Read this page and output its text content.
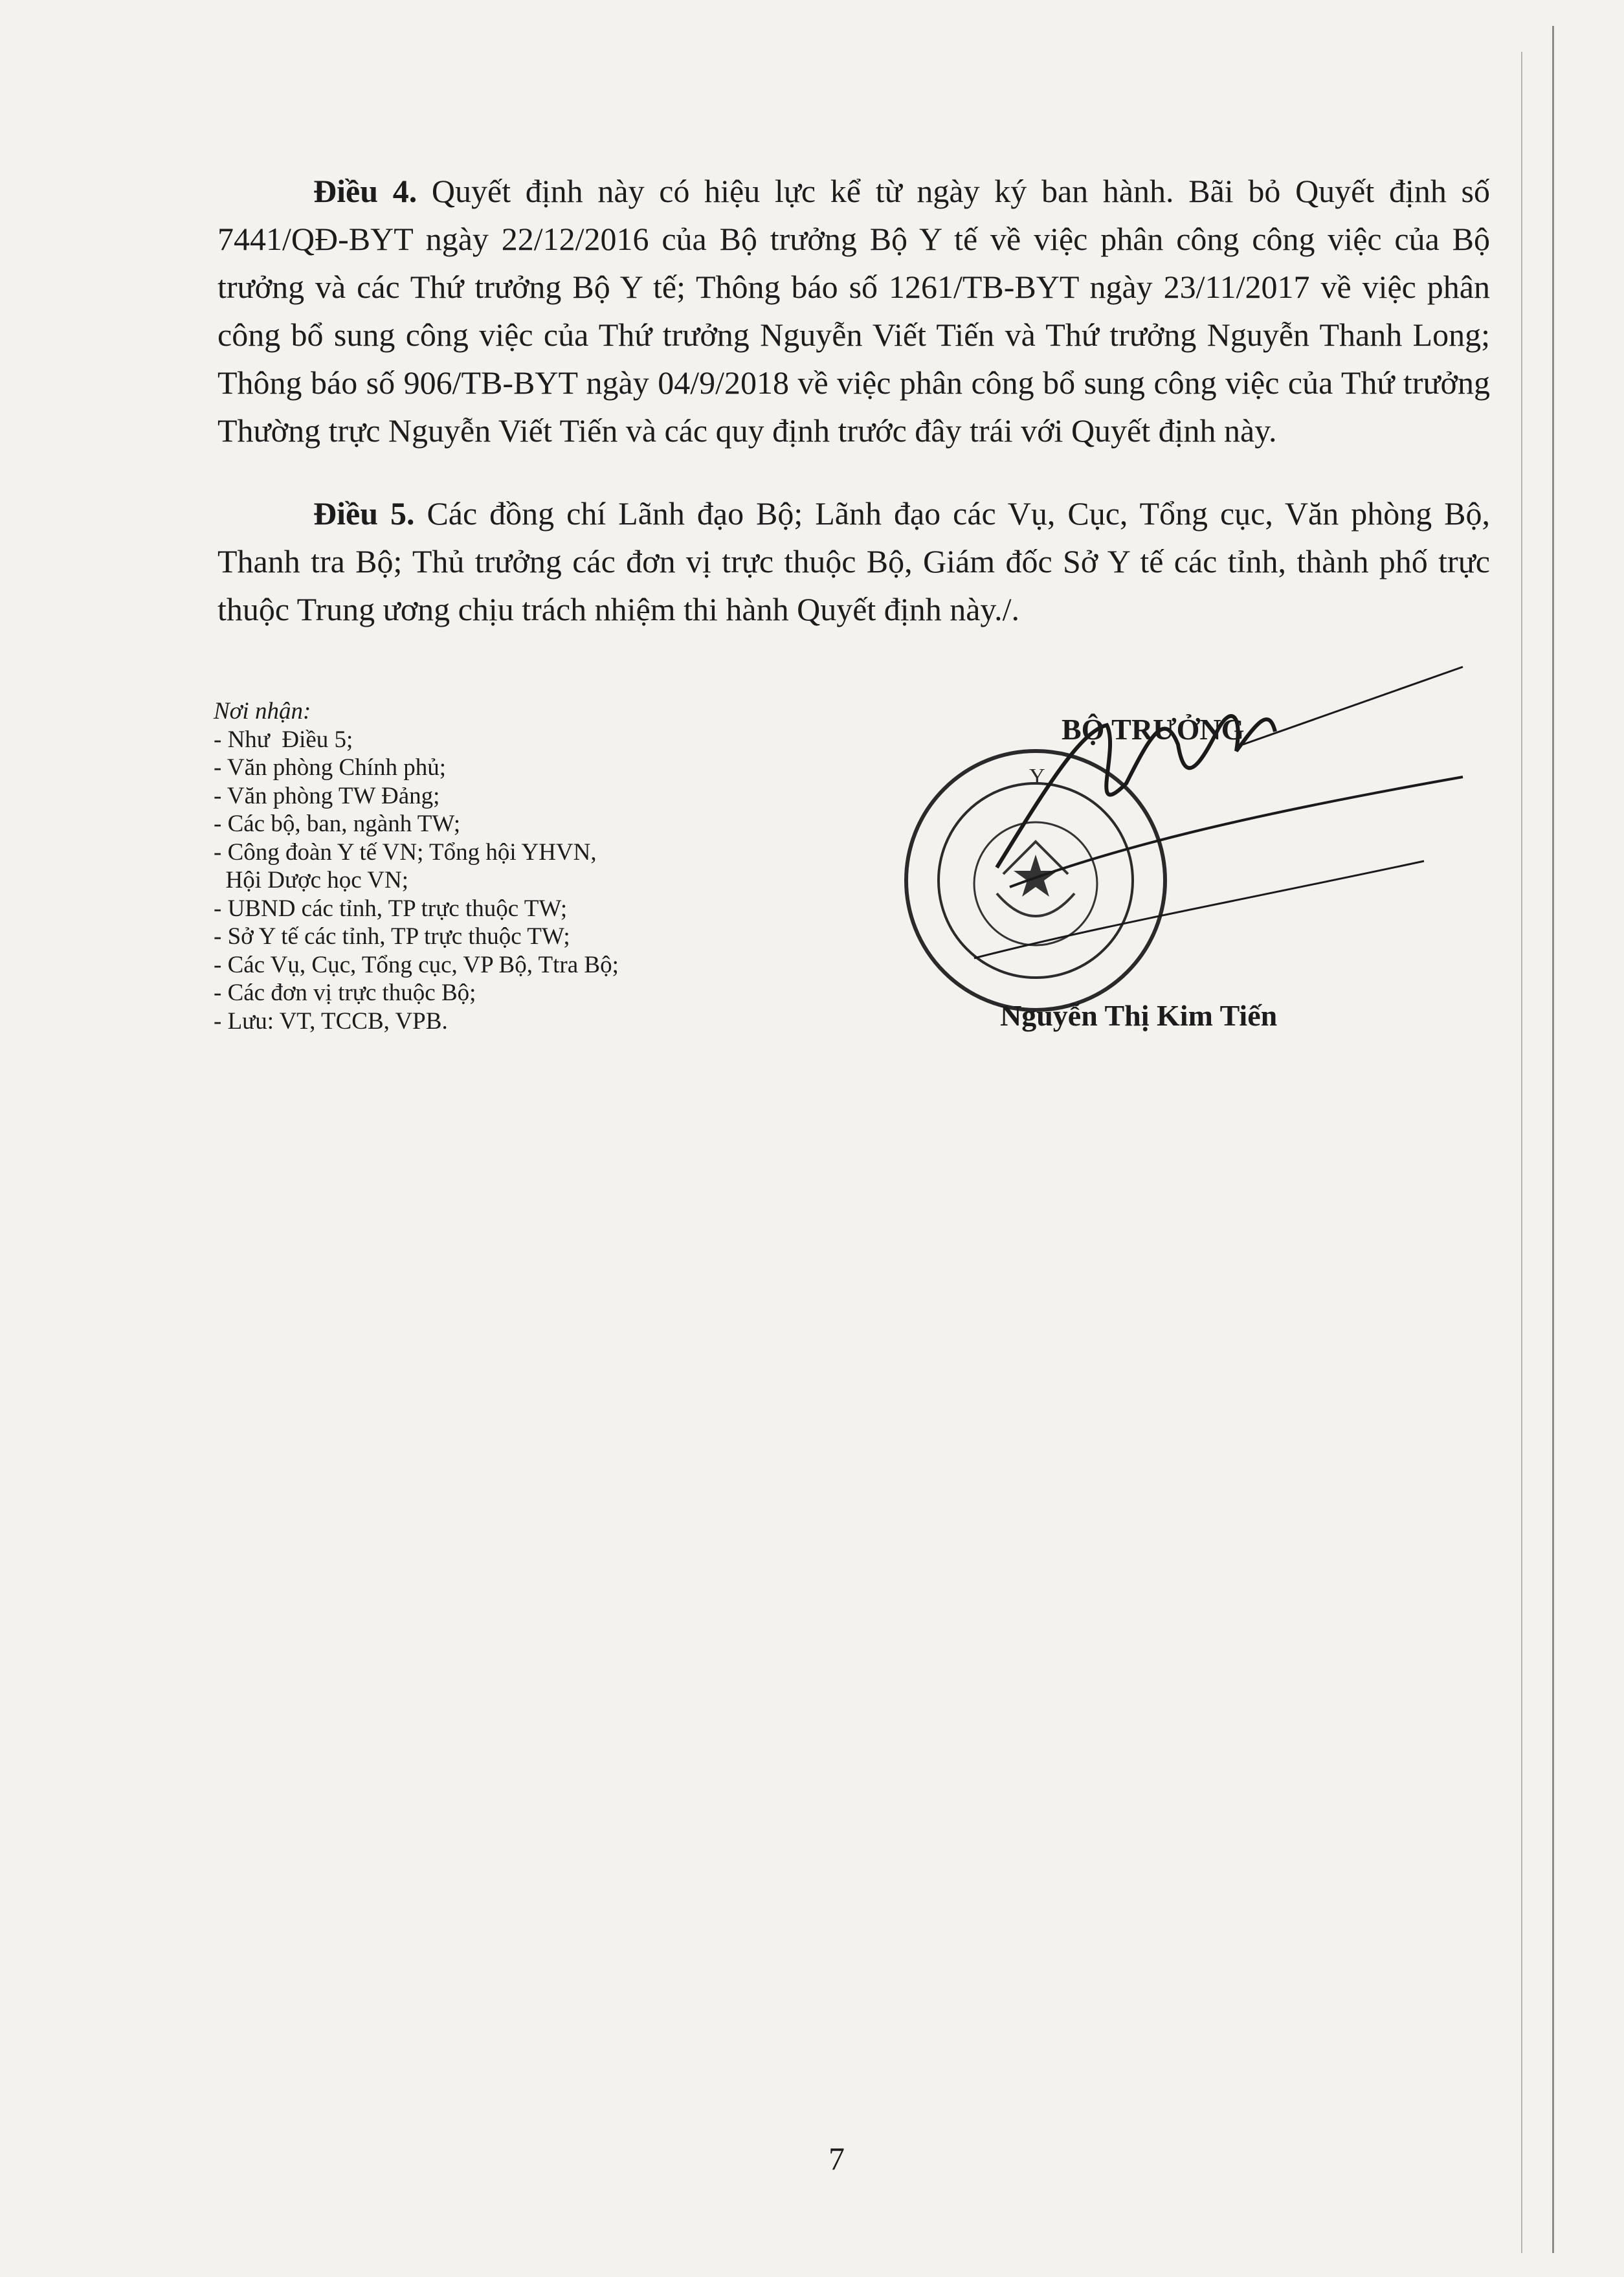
Điều 4. Quyết định này có hiệu lực kể từ ngày ký ban hành. Bãi bỏ Quyết định số 7441/QĐ-BYT ngày 22/12/2016 của Bộ trưởng Bộ Y tế về việc phân công công việc của Bộ trưởng và các Thứ trưởng Bộ Y tế; Thông báo số 1261/TB-BYT ngày 23/11/2017 về việc phân công bổ sung công việc của Thứ trưởng Nguyễn Viết Tiến và Thứ trưởng Nguyễn Thanh Long; Thông báo số 906/TB-BYT ngày 04/9/2018 về việc phân công bổ sung công việc của Thứ trưởng Thường trực Nguyễn Viết Tiến và các quy định trước đây trái với Quyết định này.

Điều 5. Các đồng chí Lãnh đạo Bộ; Lãnh đạo các Vụ, Cục, Tổng cục, Văn phòng Bộ, Thanh tra Bộ; Thủ trưởng các đơn vị trực thuộc Bộ, Giám đốc Sở Y tế các tỉnh, thành phố trực thuộc Trung ương chịu trách nhiệm thi hành Quyết định này./.

Nơi nhận:

- Như  Điều 5;
- Văn phòng Chính phủ;
- Văn phòng TW Đảng;
- Các bộ, ban, ngành TW;
- Công đoàn Y tế VN; Tổng hội YHVN,
Hội Dược học VN;
- UBND các tỉnh, TP trực thuộc TW;
- Sở Y tế các tỉnh, TP trực thuộc TW;
- Các Vụ, Cục, Tổng cục, VP Bộ, Ttra Bộ;
- Các đơn vị trực thuộc Bộ;
- Lưu: VT, TCCB, VPB.
Y
BỘ TRƯỞNG
Nguyễn Thị Kim Tiến
7
